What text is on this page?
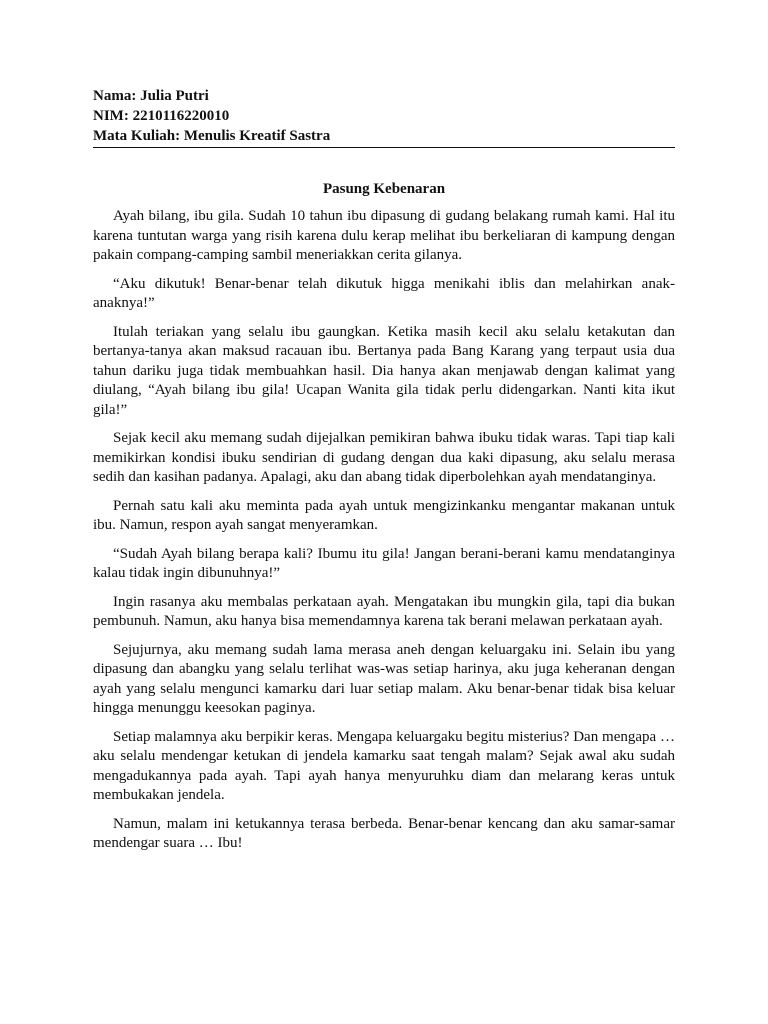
Nama: Julia Putri

NIM: 2210116220010

Mata Kuliah: Menulis Kreatif Sastra

Pasung Kebenaran

Ayah bilang, ibu gila. Sudah 10 tahun ibu dipasung di gudang belakang rumah kami. Hal itu karena tuntutan warga yang risih karena dulu kerap melihat ibu berkeliaran di kampung dengan pakain compang-camping sambil meneriakkan cerita gilanya.

“Aku dikutuk! Benar-benar telah dikutuk higga menikahi iblis dan melahirkan anak-anaknya!”

Itulah teriakan yang selalu ibu gaungkan. Ketika masih kecil aku selalu ketakutan dan bertanya-tanya akan maksud racauan ibu. Bertanya pada Bang Karang yang terpaut usia dua tahun dariku juga tidak membuahkan hasil. Dia hanya akan menjawab dengan kalimat yang diulang, “Ayah bilang ibu gila! Ucapan Wanita gila tidak perlu didengarkan. Nanti kita ikut gila!”

Sejak kecil aku memang sudah dijejalkan pemikiran bahwa ibuku tidak waras. Tapi tiap kali memikirkan kondisi ibuku sendirian di gudang dengan dua kaki dipasung, aku selalu merasa sedih dan kasihan padanya. Apalagi, aku dan abang tidak diperbolehkan ayah mendatanginya.

Pernah satu kali aku meminta pada ayah untuk mengizinkanku mengantar makanan untuk ibu. Namun, respon ayah sangat menyeramkan.

“Sudah Ayah bilang berapa kali? Ibumu itu gila! Jangan berani-berani kamu mendatanginya kalau tidak ingin dibunuhnya!”

Ingin rasanya aku membalas perkataan ayah. Mengatakan ibu mungkin gila, tapi dia bukan pembunuh. Namun, aku hanya bisa memendamnya karena tak berani melawan perkataan ayah.

Sejujurnya, aku memang sudah lama merasa aneh dengan keluargaku ini. Selain ibu yang dipasung dan abangku yang selalu terlihat was-was setiap harinya, aku juga keheranan dengan ayah yang selalu mengunci kamarku dari luar setiap malam. Aku benar-benar tidak bisa keluar hingga menunggu keesokan paginya.

Setiap malamnya aku berpikir keras. Mengapa keluargaku begitu misterius? Dan mengapa … aku selalu mendengar ketukan di jendela kamarku saat tengah malam? Sejak awal aku sudah mengadukannya pada ayah. Tapi ayah hanya menyuruhku diam dan melarang keras untuk membukakan jendela.

Namun, malam ini ketukannya terasa berbeda. Benar-benar kencang dan aku samar-samar mendengar suara … Ibu!
